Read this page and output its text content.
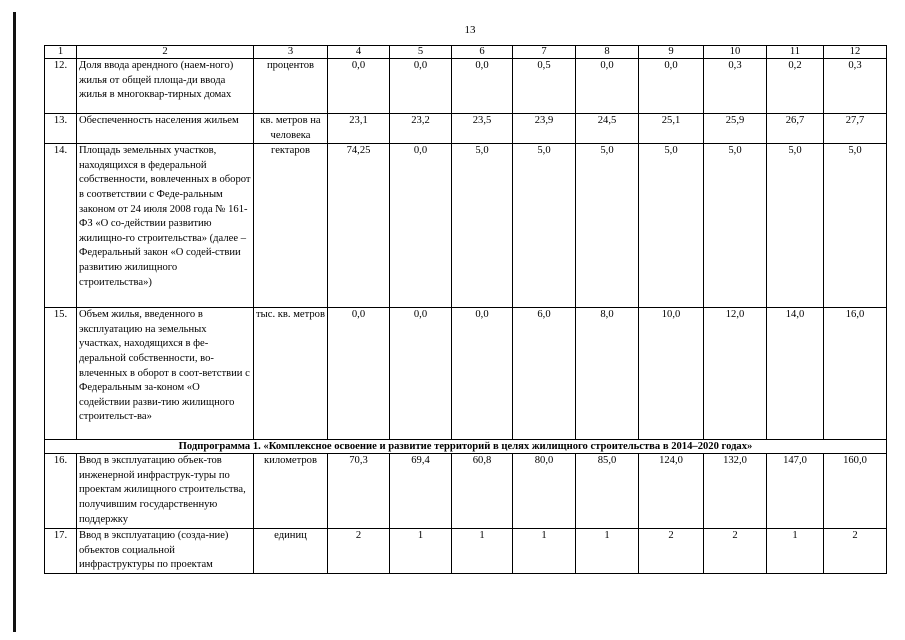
13
1	2	3	4	5	6	7	8	9	10	11	12
12.	Доля ввода арендного (наем-ного) жилья от общей площа-ди ввода жилья в многоквар-тирных домах	процентов	0,0	0,0	0,0	0,5	0,0	0,0	0,3	0,2	0,3
13.	Обеспеченность населения жильем	кв. метров на человека	23,1	23,2	23,5	23,9	24,5	25,1	25,9	26,7	27,7
14.	Площадь земельных участков, находящихся в федеральной собственности, вовлеченных в оборот в соответствии с Феде-ральным законом от 24 июля 2008 года № 161-ФЗ «О со-действии развитию жилищно-го строительства» (далее – Федеральный закон «О содей-ствии развитию жилищного строительства»)	гектаров	74,25	0,0	5,0	5,0	5,0	5,0	5,0	5,0	5,0
15.	Объем жилья, введенного в эксплуатацию на земельных участках, находящихся в фе-деральной собственности, во-влеченных в оборот в соот-ветствии с Федеральным за-коном «О содействии разви-тию жилищного строительст-ва»	тыс. кв. метров	0,0	0,0	0,0	6,0	8,0	10,0	12,0	14,0	16,0
Подпрограмма 1. «Комплексное освоение и развитие территорий в целях жилищного строительства в 2014–2020 годах»											
16.	Ввод в эксплуатацию объек-тов инженерной инфраструк-туры по проектам жилищного строительства, получившим государственную поддержку	километров	70,3	69,4	60,8	80,0	85,0	124,0	132,0	147,0	160,0
17.	Ввод в эксплуатацию (созда-ние) объектов социальной инфраструктуры по проектам	единиц	2	1	1	1	1	2	2	1	2
